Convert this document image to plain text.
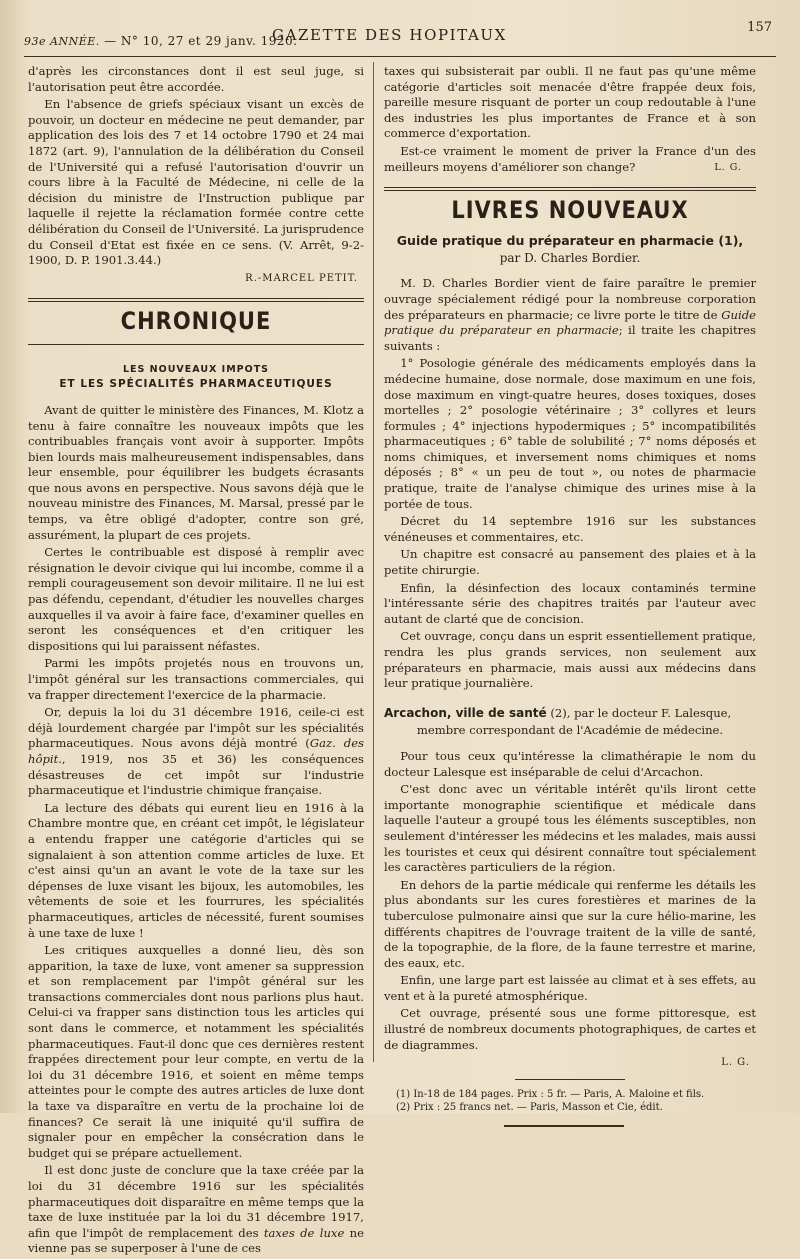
93e ANNÉE. — N° 10, 27 et 29 janv. 1920.
GAZETTE DES HOPITAUX	157

d'après les circonstances dont il est seul juge, si l'autorisation peut être accordée.

En l'absence de griefs spéciaux visant un excès de pouvoir, un docteur en médecine ne peut demander, par application des lois des 7 et 14 octobre 1790 et 24 mai 1872 (art. 9), l'annulation de la délibération du Conseil de l'Université qui a refusé l'autorisation d'ouvrir un cours libre à la Faculté de Médecine, ni celle de la décision du ministre de l'Instruction publique par laquelle il rejette la réclamation formée contre cette délibération du Conseil de l'Université. La jurisprudence du Conseil d'Etat est fixée en ce sens. (V. Arrêt, 9-2-1900, D. P. 1901.3.44.)

R.-MARCEL PETIT.
CHRONIQUE
LES NOUVEAUX IMPOTS
ET LES SPÉCIALITÉS PHARMACEUTIQUES

Avant de quitter le ministère des Finances, M. Klotz a tenu à faire connaître les nouveaux impôts que les contribuables français vont avoir à supporter. Impôts bien lourds mais malheureusement indispensables, dans leur ensemble, pour équilibrer les budgets écrasants que nous avons en perspective. Nous savons déjà que le nouveau ministre des Finances, M. Marsal, pressé par le temps, va être obligé d'adopter, contre son gré, assurément, la plupart de ces projets.

Certes le contribuable est disposé à remplir avec résignation le devoir civique qui lui incombe, comme il a rempli courageusement son devoir militaire. Il ne lui est pas défendu, cependant, d'étudier les nouvelles charges auxquelles il va avoir à faire face, d'examiner quelles en seront les conséquences et d'en critiquer les dispositions qui lui paraissent néfastes.

Parmi les impôts projetés nous en trouvons un, l'impôt général sur les transactions commerciales, qui va frapper directement l'exercice de la pharmacie.

Or, depuis la loi du 31 décembre 1916, ceile-ci est déjà lourdement chargée par l'impôt sur les spécialités pharmaceutiques. Nous avons déjà montré (Gaz. des hôpit., 1919, nos 35 et 36) les conséquences désastreuses de cet impôt sur l'industrie pharmaceutique et l'industrie chimique française.

La lecture des débats qui eurent lieu en 1916 à la Chambre montre que, en créant cet impôt, le législateur a entendu frapper une catégorie d'articles qui se signalaient à son attention comme articles de luxe. Et c'est ainsi qu'un an avant le vote de la taxe sur les dépenses de luxe visant les bijoux, les automobiles, les vêtements de soie et les fourrures, les spécialités pharmaceutiques, articles de nécessité, furent soumises à une taxe de luxe !

Les critiques auxquelles a donné lieu, dès son apparition, la taxe de luxe, vont amener sa suppression et son remplacement par l'impôt général sur les transactions commerciales dont nous parlions plus haut. Celui-ci va frapper sans distinction tous les articles qui sont dans le commerce, et notamment les spécialités pharmaceutiques. Faut-il donc que ces dernières restent frappées directement pour leur compte, en vertu de la loi du 31 décembre 1916, et soient en même temps atteintes pour le compte des autres articles de luxe dont la taxe va disparaître en vertu de la prochaine loi de finances? Ce serait là une iniquité qu'il suffira de signaler pour en empêcher la consécration dans le budget qui se prépare actuellement.

Il est donc juste de conclure que la taxe créée par la loi du 31 décembre 1916 sur les spécialités pharmaceutiques doit disparaître en même temps que la taxe de luxe instituée par la loi du 31 décembre 1917, afin que l'impôt de remplacement des taxes de luxe ne vienne pas se superposer à l'une de ces

taxes qui subsisterait par oubli. Il ne faut pas qu'une même catégorie d'articles soit menacée d'être frappée deux fois, pareille mesure risquant de porter un coup redoutable à l'une des industries les plus importantes de France et à son commerce d'exportation.

Est-ce vraiment le moment de priver la France d'un des meilleurs moyens d'améliorer son change?	L. G.

LIVRES NOUVEAUX
Guide pratique du préparateur en pharmacie (1),
par D. Charles Bordier.

M. D. Charles Bordier vient de faire paraître le premier ouvrage spécialement rédigé pour la nombreuse corporation des préparateurs en pharmacie; ce livre porte le titre de Guide pratique du préparateur en pharmacie; il traite les chapitres suivants :

1° Posologie générale des médicaments employés dans la médecine humaine, dose normale, dose maximum en une fois, dose maximum en vingt-quatre heures, doses toxiques, doses mortelles ; 2° posologie vétérinaire ; 3° collyres et leurs formules ; 4° injections hypodermiques ; 5° incompatibilités pharmaceutiques ; 6° table de solubilité ; 7° noms déposés et noms chimiques, et inversement noms chimiques et noms déposés ; 8° « un peu de tout », ou notes de pharmacie pratique, traite de l'analyse chimique des urines mise à la portée de tous.

Décret du 14 septembre 1916 sur les substances vénéneuses et commentaires, etc.

Un chapitre est consacré au pansement des plaies et à la petite chirurgie.

Enfin, la désinfection des locaux contaminés termine l'intéressante série des chapitres traités par l'auteur avec autant de clarté que de concision.

Cet ouvrage, conçu dans un esprit essentiellement pratique, rendra les plus grands services, non seulement aux préparateurs en pharmacie, mais aussi aux médecins dans leur pratique journalière.

Arcachon, ville de santé (2), par le docteur F. Lalesque,

membre correspondant de l'Académie de médecine.

Pour tous ceux qu'intéresse la climathérapie le nom du docteur Lalesque est inséparable de celui d'Arcachon.

C'est donc avec un véritable intérêt qu'ils liront cette importante monographie scientifique et médicale dans laquelle l'auteur a groupé tous les éléments susceptibles, non seulement d'intéresser les médecins et les malades, mais aussi les touristes et ceux qui désirent connaître tout spécialement les caractères particuliers de la région.

En dehors de la partie médicale qui renferme les détails les plus abondants sur les cures forestières et marines de la tuberculose pulmonaire ainsi que sur la cure hélio-marine, les différents chapitres de l'ouvrage traitent de la ville de santé, de la topographie, de la flore, de la faune terrestre et marine, des eaux, etc.

Enfin, une large part est laissée au climat et à ses effets, au vent et à la pureté atmosphérique.

Cet ouvrage, présenté sous une forme pittoresque, est illustré de nombreux documents photographiques, de cartes et de diagrammes.

L. G.
(1) In-18 de 184 pages. Prix : 5 fr. — Paris, A. Maloine et fils.
(2) Prix : 25 francs net. — Paris, Masson et Cie, édit.
